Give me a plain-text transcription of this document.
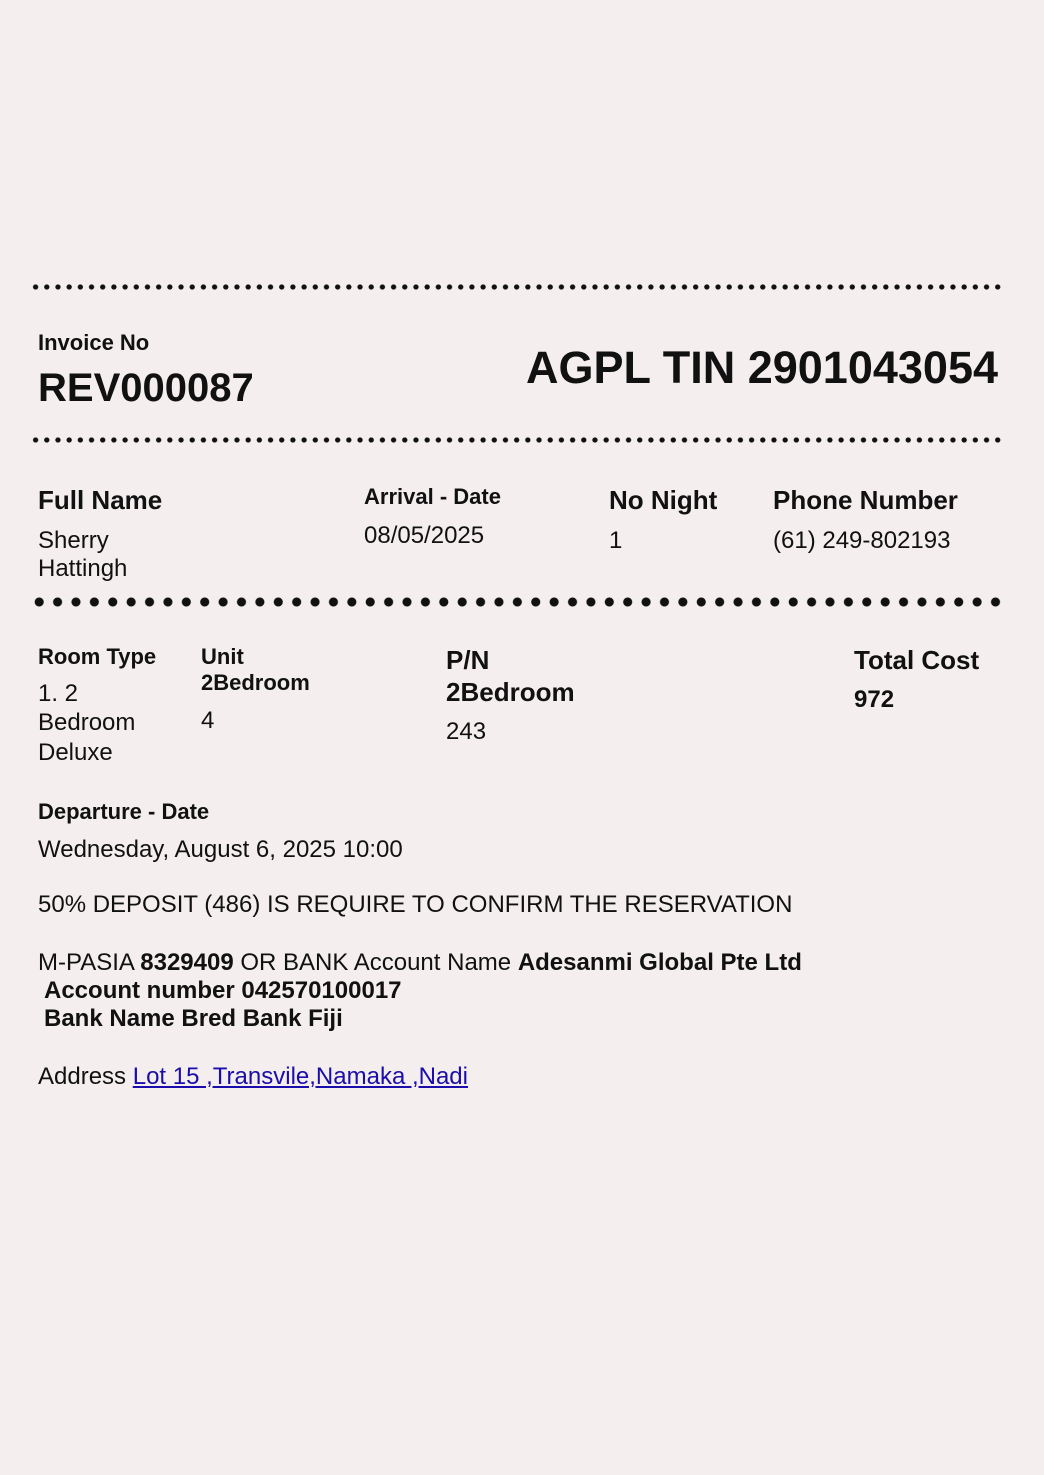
Invoice No
REV000087	AGPL TIN 2901043054
Full Name
Sherry
Hattingh
Arrival - Date
08/05/2025
No Night
1
Phone Number
(61) 249-802193
Room Type
1. 2
Bedroom
Deluxe
Unit
2Bedroom
4
P/N
2Bedroom
243
Total Cost
972
Departure - Date
Wednesday, August 6, 2025 10:00
50% DEPOSIT (486) IS REQUIRE TO CONFIRM THE RESERVATION
M-PASIA 8329409 OR BANK Account Name Adesanmi Global Pte Ltd
Account number 042570100017
Bank Name Bred Bank Fiji
Address Lot 15 ,Transvile,Namaka ,Nadi
